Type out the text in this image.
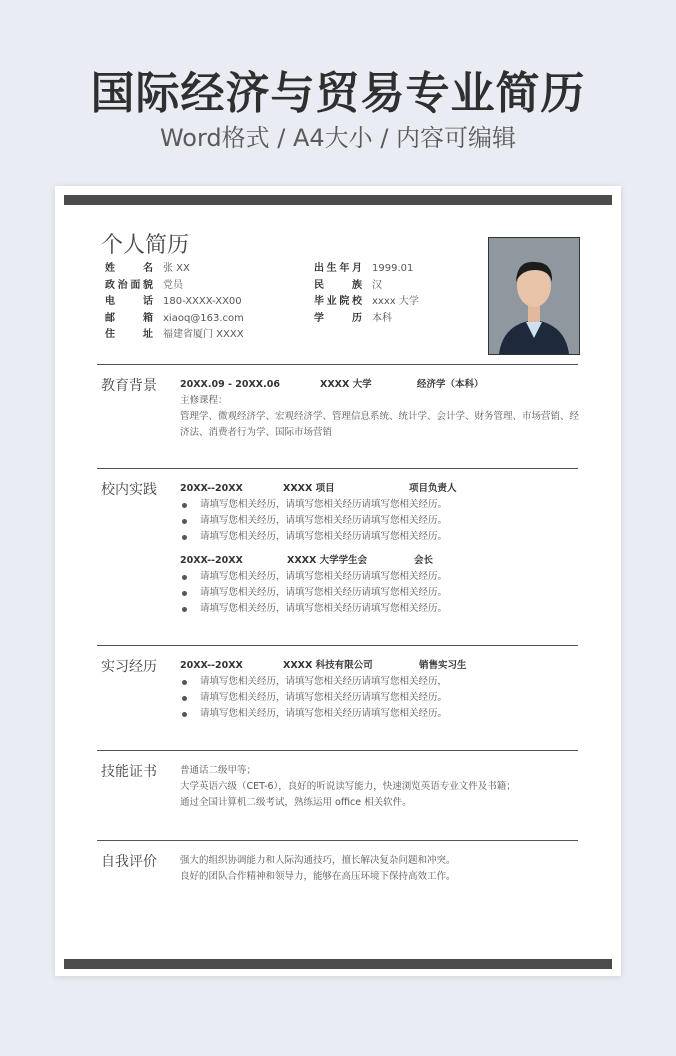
国际经济与贸易专业简历
Word格式 / A4大小 / 内容可编辑
个人简历
姓名 张 XX
政治面貌 党员
电话 180-XXXX-XX00
邮箱 xiaoq@163.com
住址 福建省厦门 XXXX
出生年月 1999.01
民族 汉
毕业院校 xxxx 大学
学历 本科
教育背景 20XX.09 - 20XX.06	XXXX 大学	经济学（本科）
主修课程：
管理学、微观经济学、宏观经济学、管理信息系统、统计学、会计学、财务管理、市场营销、经济法、消费者行为学、国际市场营销
校内实践 20XX--20XX	XXXX 项目	项目负责人
请填写您相关经历，请填写您相关经历请填写您相关经历。
请填写您相关经历，请填写您相关经历请填写您相关经历。
请填写您相关经历，请填写您相关经历请填写您相关经历。
20XX--20XX	XXXX 大学学生会	会长
请填写您相关经历，请填写您相关经历请填写您相关经历。
请填写您相关经历，请填写您相关经历请填写您相关经历。
请填写您相关经历，请填写您相关经历请填写您相关经历。
实习经历 20XX--20XX	XXXX 科技有限公司	销售实习生
请填写您相关经历，请填写您相关经历请填写您相关经历，
请填写您相关经历，请填写您相关经历请填写您相关经历。
请填写您相关经历，请填写您相关经历请填写您相关经历。
技能证书 普通话二级甲等；
大学英语六级（CET-6），良好的听说读写能力，快速浏览英语专业文件及书籍；
通过全国计算机二级考试，熟练运用 office 相关软件。
自我评价 强大的组织协调能力和人际沟通技巧，擅长解决复杂问题和冲突。
良好的团队合作精神和领导力，能够在高压环境下保持高效工作。
